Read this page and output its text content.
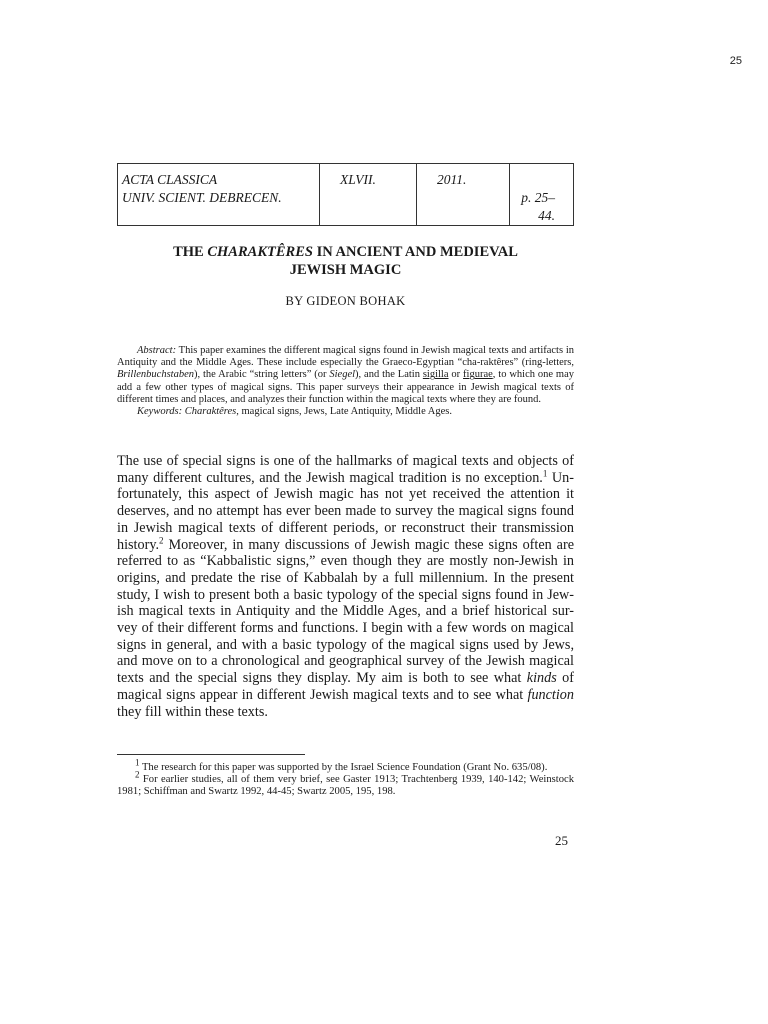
25
ACTA CLASSICA
UNIV. SCIENT. DEBRECEN.	XLVII.	2011.	p. 25–44.
THE CHARAKTÊRES IN ANCIENT AND MEDIEVAL
JEWISH MAGIC
BY GIDEON BOHAK

Abstract: This paper examines the different magical signs found in Jewish magical texts and artifacts in Antiquity and the Middle Ages. These include especially the Graeco-Egyptian “cha-raktêres” (ring-letters, Brillenbuchstaben), the Arabic “string letters” (or Siegel), and the Latin sigilla or figurae, to which one may add a few other types of magical signs. This paper surveys their appearance in Jewish magical texts of different times and places, and analyzes their function within the magical texts where they are found.

Keywords: Charaktêres, magical signs, Jews, Late Antiquity, Middle Ages.

The use of special signs is one of the hallmarks of magical texts and objects of many different cultures, and the Jewish magical tradition is no exception.$^1$ Un-fortunately, this aspect of Jewish magic has not yet received the attention it deserves, and no attempt has ever been made to survey the magical signs found in Jewish magical texts of different periods, or reconstruct their transmission history.$^2$ Moreover, in many discussions of Jewish magic these signs often are referred to as “Kabbalistic signs,” even though they are mostly non-Jewish in origins, and predate the rise of Kabbalah by a full millennium. In the present study, I wish to present both a basic typology of the special signs found in Jew-ish magical texts in Antiquity and the Middle Ages, and a brief historical sur-vey of their different forms and functions. I begin with a few words on magical signs in general, and with a basic typology of the magical signs used by Jews, and move on to a chronological and geographical survey of the Jewish magical texts and the special signs they display. My aim is both to see what kinds of magical signs appear in different Jewish magical texts and to see what function they fill within these texts.

$^1$ The research for this paper was supported by the Israel Science Foundation (Grant No. 635/08).

$^2$ For earlier studies, all of them very brief, see Gaster 1913; Trachtenberg 1939, 140-142; Weinstock 1981; Schiffman and Swartz 1992, 44-45; Swartz 2005, 195, 198.

25
